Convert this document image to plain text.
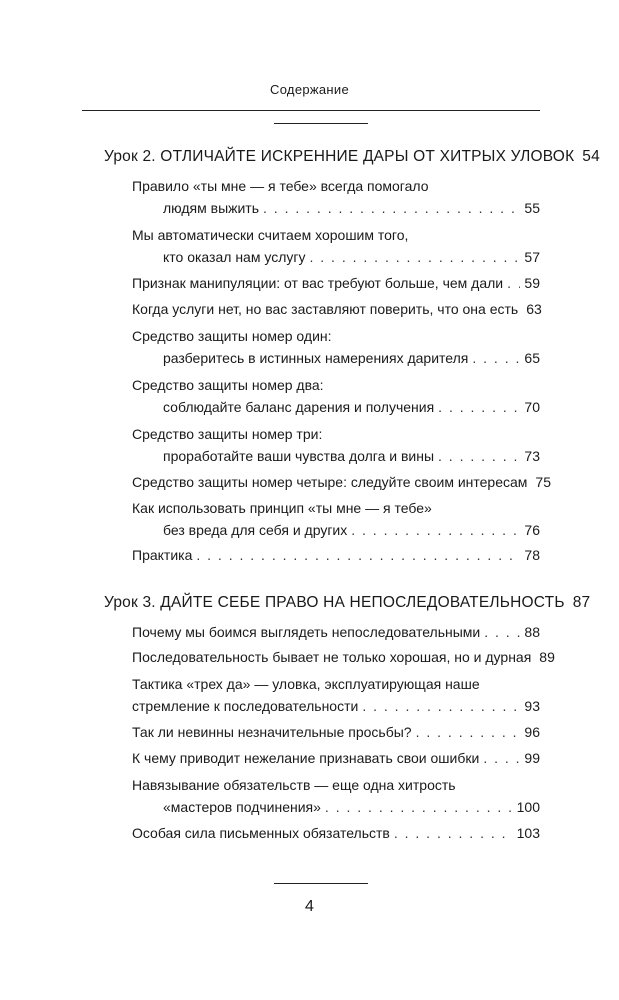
Содержание
Урок 2. ОТЛИЧАЙТЕ ИСКРЕННИЕ ДАРЫ ОТ ХИТРЫХ УЛОВОК 54
Правило «ты мне — я тебе» всегда помогало
людям выжить . . .	55
Мы автоматически считаем хорошим того,
кто оказал нам услугу . . .	57
Признак манипуляции: от вас требуют больше, чем дали . . . 59
Когда услуги нет, но вас заставляют поверить, что она есть 63
Средство защиты номер один:
разберитесь в истинных намерениях дарителя . . .	65
Средство защиты номер два:
соблюдайте баланс дарения и получения . . .	70
Средство защиты номер три:
проработайте ваши чувства долга и вины . . .	73
Средство защиты номер четыре: следуйте своим интересам 75
Как использовать принцип «ты мне — я тебе»
без вреда для себя и других . . .	76
Практика . . .	78
Урок 3. ДАЙТЕ СЕБЕ ПРАВО НА НЕПОСЛЕДОВАТЕЛЬНОСТЬ 87
Почему мы боимся выглядеть непоследовательными . . .	88
Последовательность бывает не только хорошая, но и дурная 89
Тактика «трех да» — уловка, эксплуатирующая наше
стремление к последовательности . . .	93
Так ли невинны незначительные просьбы? . . .	96
К чему приводит нежелание признавать свои ошибки . . .	99
Навязывание обязательств — еще одна хитрость
«мастеров подчинения» . . .	100
Особая сила письменных обязательств . . .	103
4
